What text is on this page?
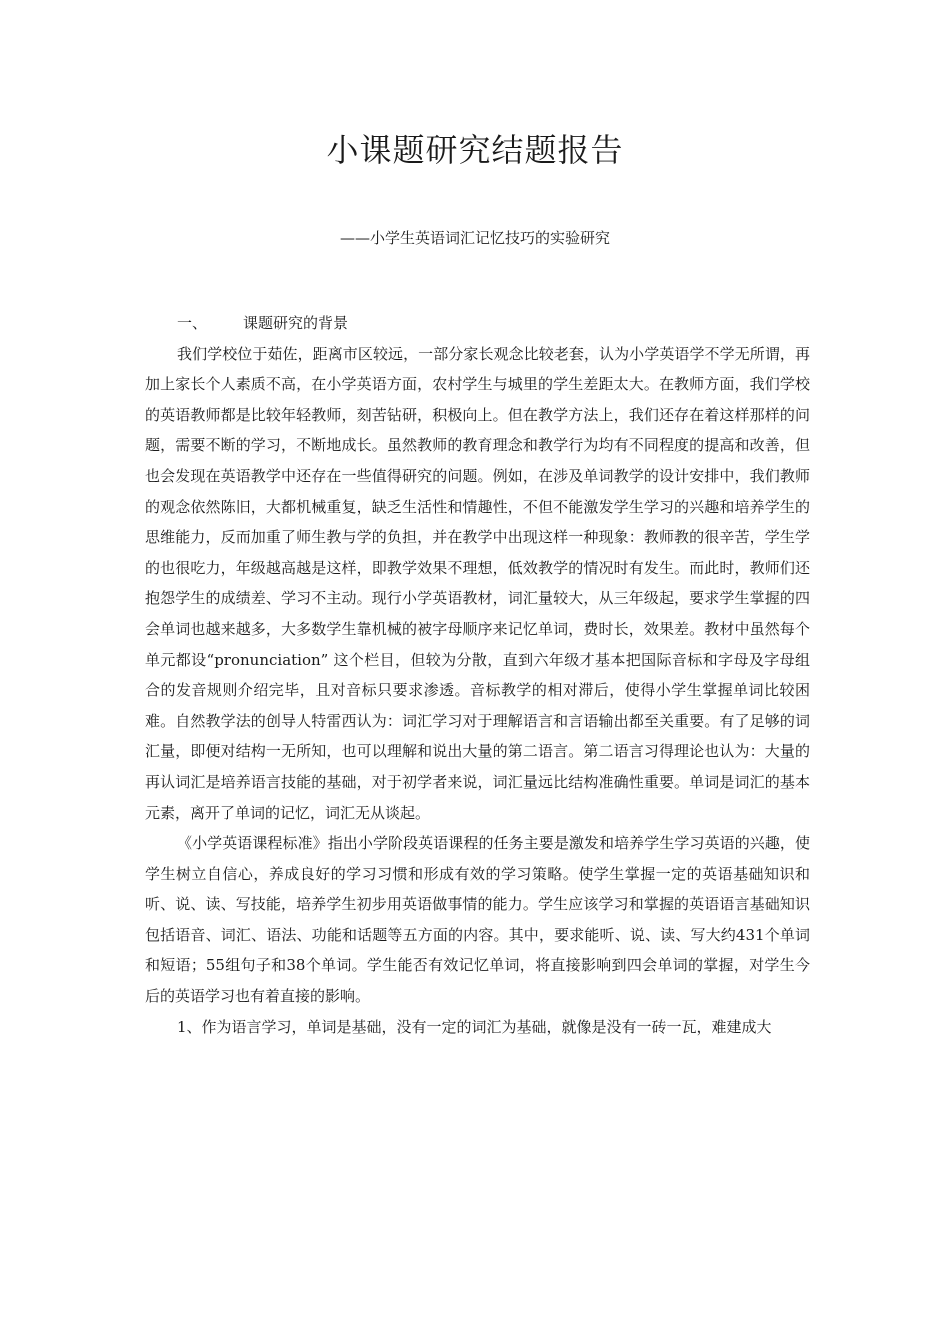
小课题研究结题报告

——小学生英语词汇记忆技巧的实验研究

一、 课题研究的背景

我们学校位于茹佐，距离市区较远，一部分家长观念比较老套，认为小学英语学不学无所谓，再加上家长个人素质不高，在小学英语方面，农村学生与城里的学生差距太大。在教师方面，我们学校的英语教师都是比较年轻教师，刻苦钻研，积极向上。但在教学方法上，我们还存在着这样那样的问题，需要不断的学习，不断地成长。虽然教师的教育理念和教学行为均有不同程度的提高和改善，但也会发现在英语教学中还存在一些值得研究的问题。例如，在涉及单词教学的设计安排中，我们教师的观念依然陈旧，大都机械重复，缺乏生活性和情趣性，不但不能激发学生学习的兴趣和培养学生的思维能力，反而加重了师生教与学的负担，并在教学中出现这样一种现象：教师教的很辛苦，学生学的也很吃力，年级越高越是这样，即教学效果不理想，低效教学的情况时有发生。而此时，教师们还抱怨学生的成绩差、学习不主动。现行小学英语教材，词汇量较大，从三年级起，要求学生掌握的四会单词也越来越多，大多数学生靠机械的被字母顺序来记忆单词，费时长，效果差。教材中虽然每个单元都设“pronunciation” 这个栏目，但较为分散，直到六年级才基本把国际音标和字母及字母组合的发音规则介绍完毕，且对音标只要求渗透。音标教学的相对滞后，使得小学生掌握单词比较困难。自然教学法的创导人特雷西认为：词汇学习对于理解语言和言语输出都至关重要。有了足够的词汇量，即便对结构一无所知，也可以理解和说出大量的第二语言。第二语言习得理论也认为：大量的再认词汇是培养语言技能的基础，对于初学者来说，词汇量远比结构准确性重要。单词是词汇的基本元素，离开了单词的记忆，词汇无从谈起。

《小学英语课程标准》指出小学阶段英语课程的任务主要是激发和培养学生学习英语的兴趣，使学生树立自信心，养成良好的学习习惯和形成有效的学习策略。使学生掌握一定的英语基础知识和听、说、读、写技能，培养学生初步用英语做事情的能力。学生应该学习和掌握的英语语言基础知识包括语音、词汇、语法、功能和话题等五方面的内容。其中，要求能听、说、读、写大约431个单词和短语；55组句子和38个单词。学生能否有效记忆单词，将直接影响到四会单词的掌握，对学生今后的英语学习也有着直接的影响。

1、作为语言学习，单词是基础，没有一定的词汇为基础，就像是没有一砖一瓦，难建成大
